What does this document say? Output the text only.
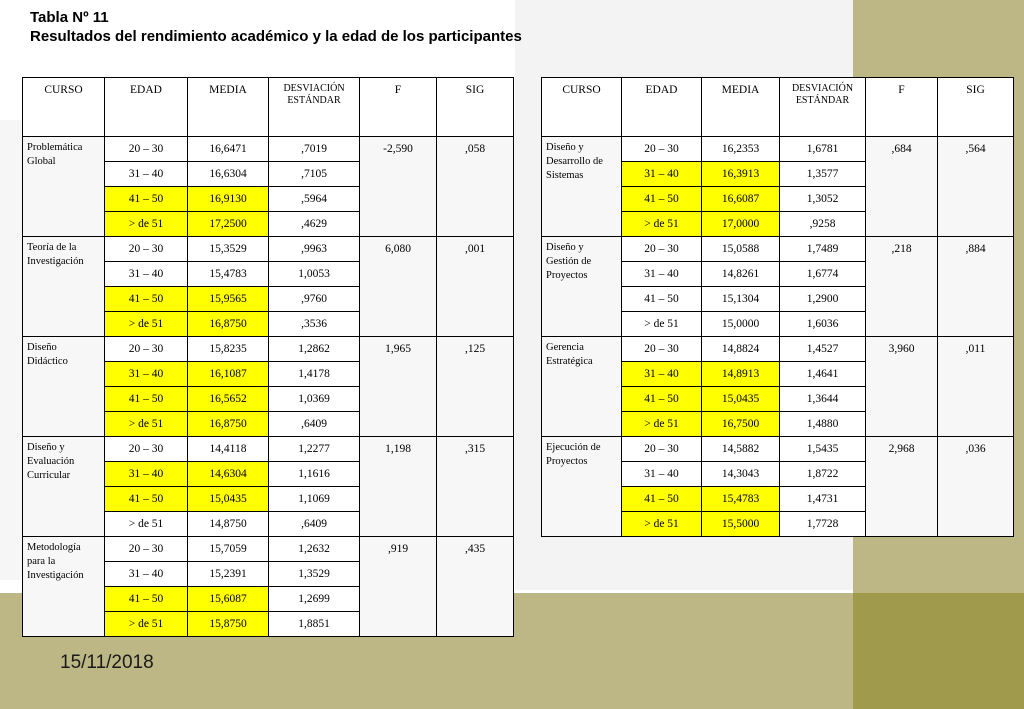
Tabla Nº 11
Resultados del rendimiento académico y la edad de los participantes
CURSO	EDAD	MEDIA	DESVIACIÓN ESTÁNDAR	F	SIG
Problemática Global	20 – 30	16,6471	,7019	-2,590	,058
	31 – 40	16,6304	,7105		
	41 – 50	16,9130	,5964		
	> de 51	17,2500	,4629		
Teoría de la Investigación	20 – 30	15,3529	,9963	6,080	,001
	31 – 40	15,4783	1,0053		
	41 – 50	15,9565	,9760		
	> de 51	16,8750	,3536		
Diseño Didáctico	20 – 30	15,8235	1,2862	1,965	,125
	31 – 40	16,1087	1,4178		
	41 – 50	16,5652	1,0369		
	> de 51	16,8750	,6409		
Diseño y Evaluación Curricular	20 – 30	14,4118	1,2277	1,198	,315
	31 – 40	14,6304	1,1616		
	41 – 50	15,0435	1,1069		
	> de 51	14,8750	,6409		
Metodología para la Investigación	20 – 30	15,7059	1,2632	,919	,435
	31 – 40	15,2391	1,3529		
	41 – 50	15,6087	1,2699		
	> de 51	15,8750	1,8851		
CURSO	EDAD	MEDIA	DESVIACIÓN ESTÁNDAR	F	SIG
Diseño y Desarrollo de Sistemas	20 – 30	16,2353	1,6781	,684	,564
	31 – 40	16,3913	1,3577		
	41 – 50	16,6087	1,3052		
	> de 51	17,0000	,9258		
Diseño y Gestión de Proyectos	20 – 30	15,0588	1,7489	,218	,884
	31 – 40	14,8261	1,6774		
	41 – 50	15,1304	1,2900		
	> de 51	15,0000	1,6036		
Gerencia Estratégica	20 – 30	14,8824	1,4527	3,960	,011
	31 – 40	14,8913	1,4641		
	41 – 50	15,0435	1,3644		
	> de 51	16,7500	1,4880		
Ejecución de Proyectos	20 – 30	14,5882	1,5435	2,968	,036
	31 – 40	14,3043	1,8722		
	41 – 50	15,4783	1,4731		
	> de 51	15,5000	1,7728		
15/11/2018
